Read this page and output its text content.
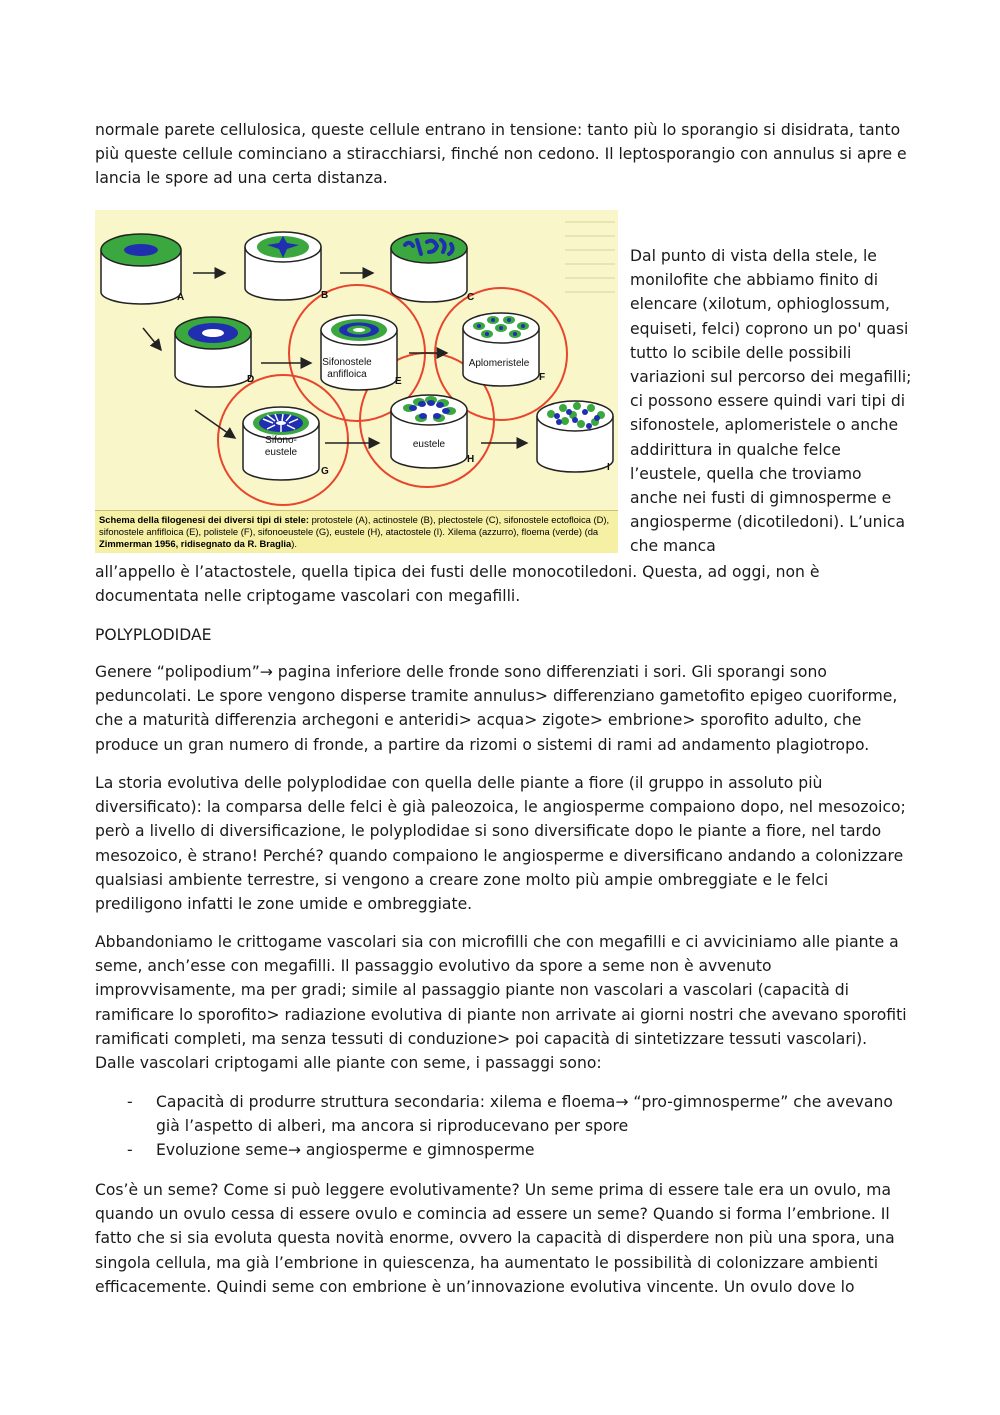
normale parete cellulosica, queste cellule entrano in tensione: tanto più lo sporangio si disidrata, tanto più queste cellule cominciano a stiracchiarsi, finché non cedono. Il leptosporangio con annulus si apre e lancia le spore ad una certa distanza.

A	B	C
D	E	F
G
H
I
Sifonostele
anfifloica
Aplomeristele
Sifono-
eustele
eustele
Schema della filogenesi dei diversi tipi di stele: protostele (A), actinostele (B), plectostele (C), sifonostele ectofloica (D), sifonostele anfifloica (E), polistele (F), sifonoeustele (G), eustele (H), atactostele (I). Xilema (azzurro), floema (verde) (da Zimmerman 1956, ridisegnato da R. Braglia).

Dal punto di vista della stele, le monilofite che abbiamo finito di elencare (xilotum, ophioglossum, equiseti, felci) coprono un po' quasi tutto lo scibile delle possibili variazioni sul percorso dei megafilli; ci possono essere quindi vari tipi di sifonostele, aplomeristele o anche addirittura in qualche felce l’eustele, quella che troviamo anche nei fusti di gimnosperme e angiosperme (dicotiledoni). L’unica che manca

all’appello è l’atactostele, quella tipica dei fusti delle monocotiledoni. Questa, ad oggi, non è documentata nelle criptogame vascolari con megafilli.

POLYPLODIDAE

Genere “polipodium”→ pagina inferiore delle fronde sono differenziati i sori. Gli sporangi sono peduncolati. Le spore vengono disperse tramite annulus> differenziano gametofito epigeo cuoriforme, che a maturità differenzia archegoni e anteridi> acqua> zigote> embrione> sporofito adulto, che produce un gran numero di fronde, a partire da rizomi o sistemi di rami ad andamento plagiotropo.

La storia evolutiva delle polyplodidae con quella delle piante a fiore (il gruppo in assoluto più diversificato): la comparsa delle felci è già paleozoica, le angiosperme compaiono dopo, nel mesozoico; però a livello di diversificazione, le polyplodidae si sono diversificate dopo le piante a fiore, nel tardo mesozoico, è strano! Perché? quando compaiono le angiosperme e diversificano andando a colonizzare qualsiasi ambiente terrestre, si vengono a creare zone molto più ampie ombreggiate e le felci prediligono infatti le zone umide e ombreggiate.

Abbandoniamo le crittogame vascolari sia con microfilli che con megafilli e ci avviciniamo alle piante a seme, anch’esse con megafilli. Il passaggio evolutivo da spore a seme non è avvenuto improvvisamente, ma per gradi; simile al passaggio piante non vascolari a vascolari (capacità di ramificare lo sporofito> radiazione evolutiva di piante non arrivate ai giorni nostri che avevano sporofiti ramificati completi, ma senza tessuti di conduzione> poi capacità di sintetizzare tessuti vascolari). Dalle vascolari criptogami alle piante con seme, i passaggi sono:

- Capacità di produrre struttura secondaria: xilema e floema→ “pro-gimnosperme” che avevano già l’aspetto di alberi, ma ancora si riproducevano per spore
- Evoluzione seme→ angiosperme e gimnosperme

Cos’è un seme? Come si può leggere evolutivamente? Un seme prima di essere tale era un ovulo, ma quando un ovulo cessa di essere ovulo e comincia ad essere un seme? Quando si forma l’embrione. Il fatto che si sia evoluta questa novità enorme, ovvero la capacità di disperdere non più una spora, una singola cellula, ma già l’embrione in quiescenza, ha aumentato le possibilità di colonizzare ambienti efficacemente. Quindi seme con embrione è un’innovazione evolutiva vincente. Un ovulo dove lo
